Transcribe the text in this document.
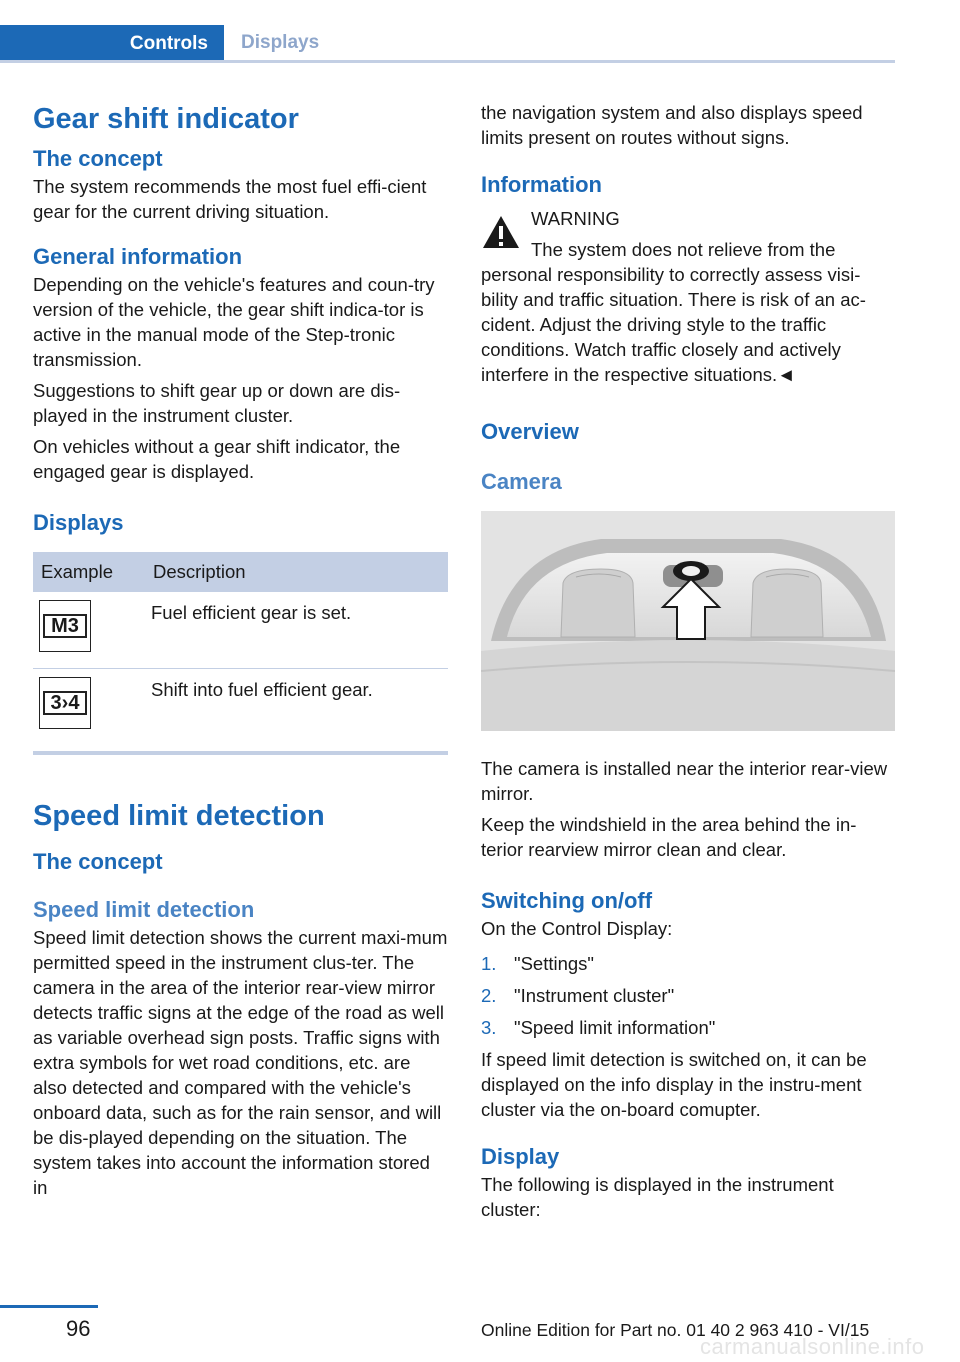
Controls	Displays
Gear shift indicator
The concept

The system recommends the most fuel effi-cient gear for the current driving situation.

General information

Depending on the vehicle's features and coun-try version of the vehicle, the gear shift indica-tor is active in the manual mode of the Step-tronic transmission.

Suggestions to shift gear up or down are dis-played in the instrument cluster.

On vehicles without a gear shift indicator, the engaged gear is displayed.

Displays
Example	Description

M3	Fuel efficient gear is set.

3›4	Shift into fuel efficient gear.
Speed limit detection
The concept
Speed limit detection

Speed limit detection shows the current maxi-mum permitted speed in the instrument clus-ter. The camera in the area of the interior rear-view mirror detects traffic signs at the edge of the road as well as variable overhead sign posts. Traffic signs with extra symbols for wet road conditions, etc. are also detected and compared with the vehicle's onboard data, such as for the rain sensor, and will be dis-played depending on the situation. The system takes into account the information stored in

the navigation system and also displays speed limits present on routes without signs.

Information
WARNING
The system does not relieve from the
personal responsibility to correctly assess visi-bility and traffic situation. There is risk of an ac-cident. Adjust the driving style to the traffic conditions. Watch traffic closely and actively interfere in the respective situations.◄
Overview
Camera

The camera is installed near the interior rear-view mirror.

Keep the windshield in the area behind the in-terior rearview mirror clean and clear.

Switching on/off

On the Control Display:

1. "Settings"
2. "Instrument cluster"
3. "Speed limit information"

If speed limit detection is switched on, it can be displayed on the info display in the instru-ment cluster via the on-board comupter.

Display

The following is displayed in the instrument cluster:

96	Online Edition for Part no. 01 40 2 963 410 - VI/15
carmanualsonline.info
